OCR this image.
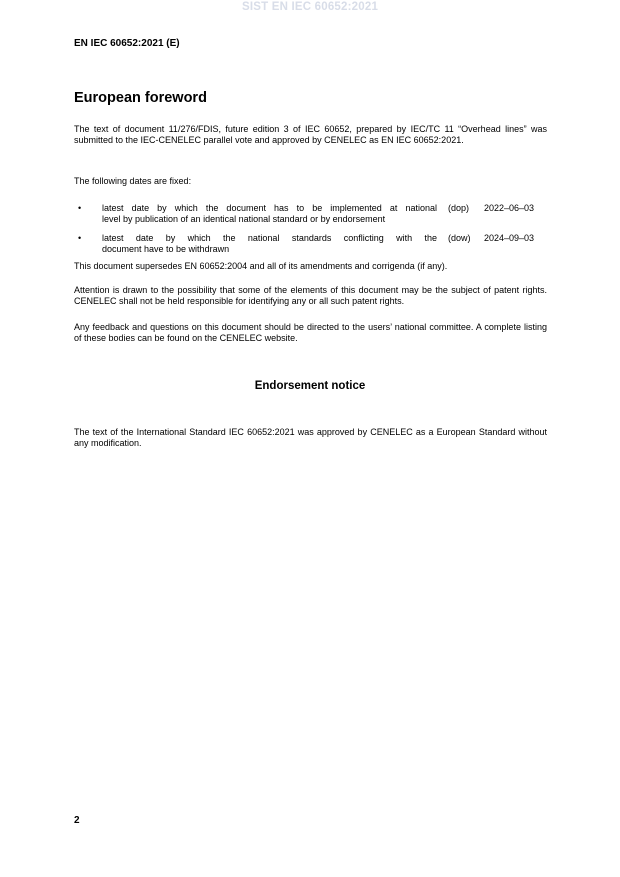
SIST EN IEC 60652:2021
EN IEC 60652:2021 (E)
European foreword

The text of document 11/276/FDIS, future edition 3 of IEC 60652, prepared by IEC/TC 11 “Overhead lines” was submitted to the IEC-CENELEC parallel vote and approved by CENELEC as EN IEC 60652:2021.

The following dates are fixed:

• latest date by which the document has to be implemented at national
level by publication of an identical national standard or by endorsement
(dop) 2022–06–03
• latest date by which the national standards conflicting with the
document have to be withdrawn
(dow) 2024–09–03

This document supersedes EN 60652:2004 and all of its amendments and corrigenda (if any).

Attention is drawn to the possibility that some of the elements of this document may be the subject of patent rights. CENELEC shall not be held responsible for identifying any or all such patent rights.

Any feedback and questions on this document should be directed to the users’ national committee. A complete listing of these bodies can be found on the CENELEC website.

Endorsement notice

The text of the International Standard IEC 60652:2021 was approved by CENELEC as a European Standard without any modification.

2
